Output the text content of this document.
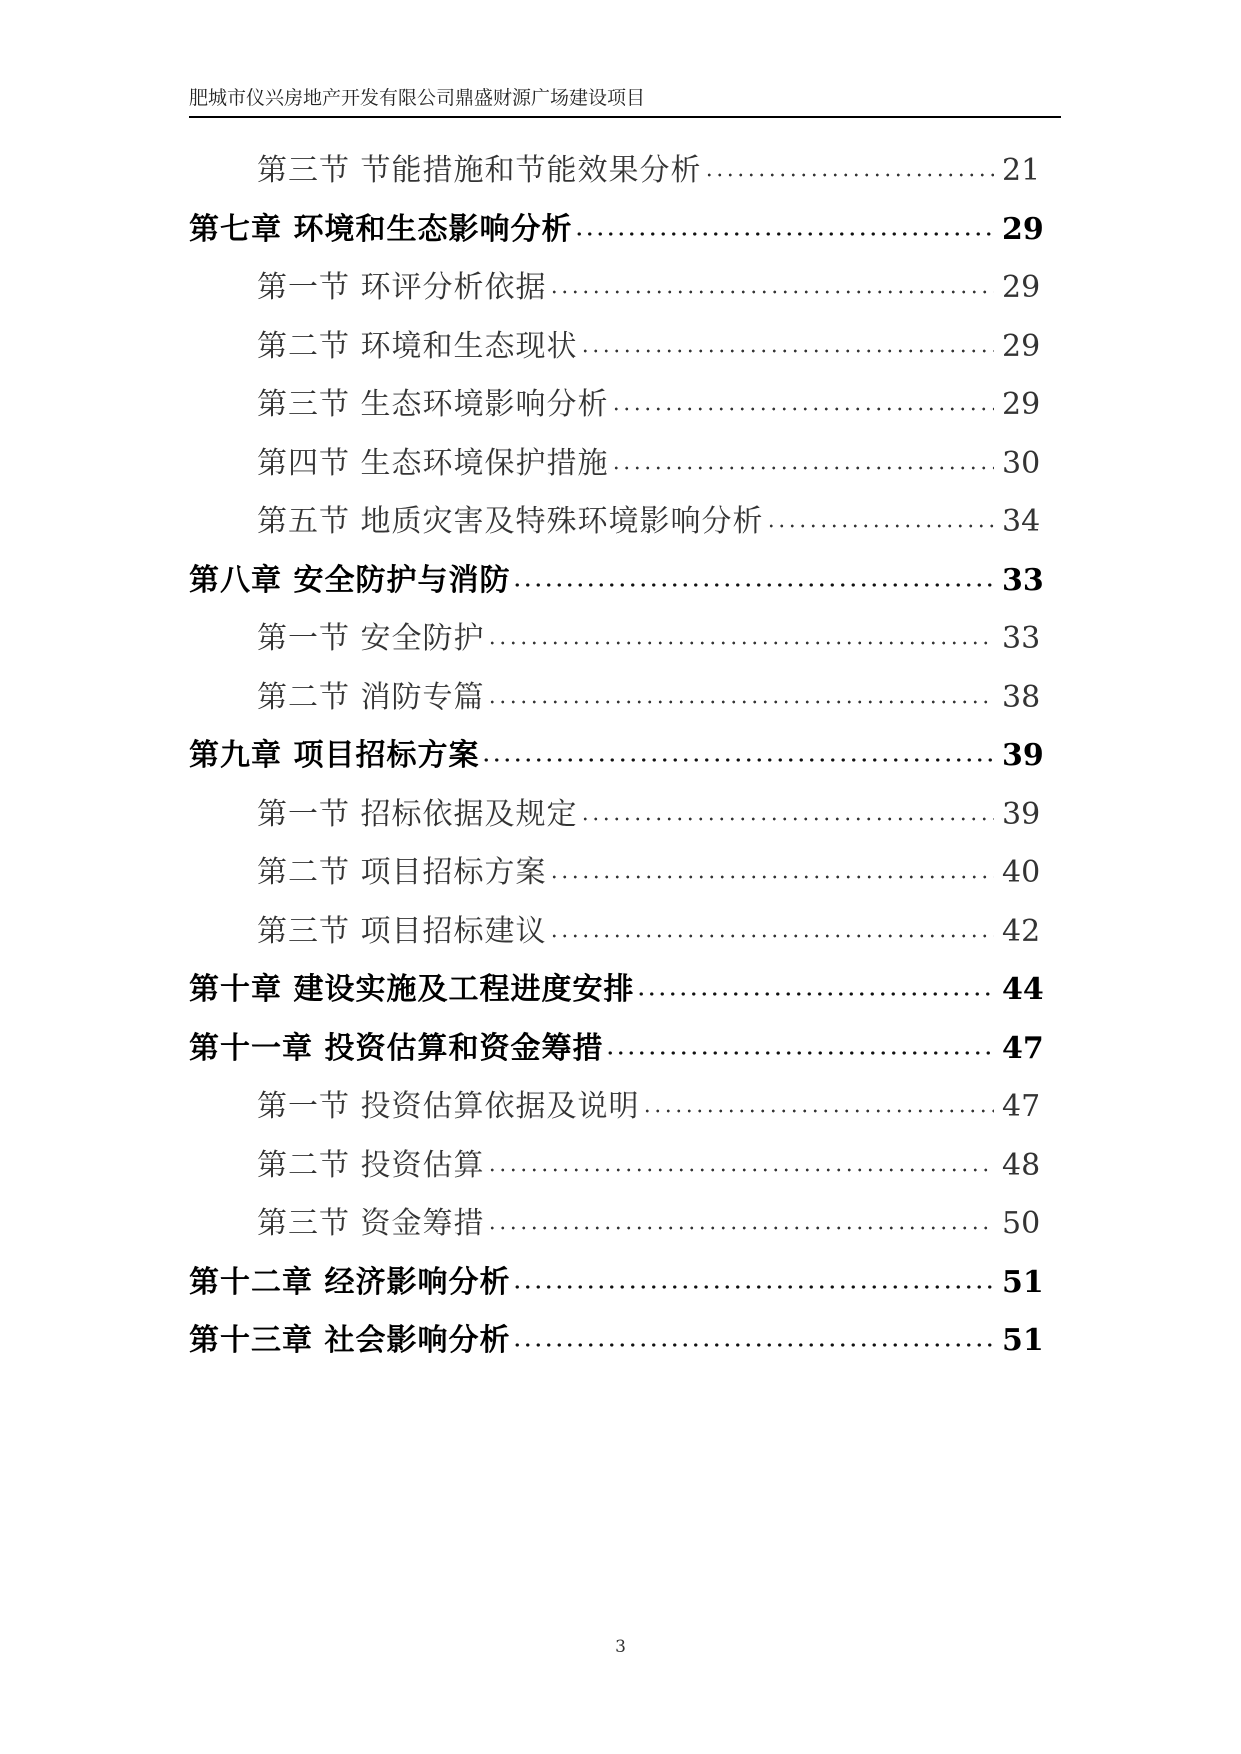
肥城市仪兴房地产开发有限公司鼎盛财源广场建设项目
第三节 节能措施和节能效果分析	21
第七章 环境和生态影响分析	29
第一节 环评分析依据	29
第二节 环境和生态现状	29
第三节 生态环境影响分析	29
第四节 生态环境保护措施	30
第五节 地质灾害及特殊环境影响分析	34
第八章 安全防护与消防	33
第一节 安全防护	33
第二节 消防专篇	38
第九章 项目招标方案	39
第一节 招标依据及规定	39
第二节 项目招标方案	40
第三节 项目招标建议	42
第十章 建设实施及工程进度安排	44
第十一章 投资估算和资金筹措	47
第一节 投资估算依据及说明	47
第二节 投资估算	48
第三节 资金筹措	50
第十二章 经济影响分析	51
第十三章 社会影响分析	51
3
